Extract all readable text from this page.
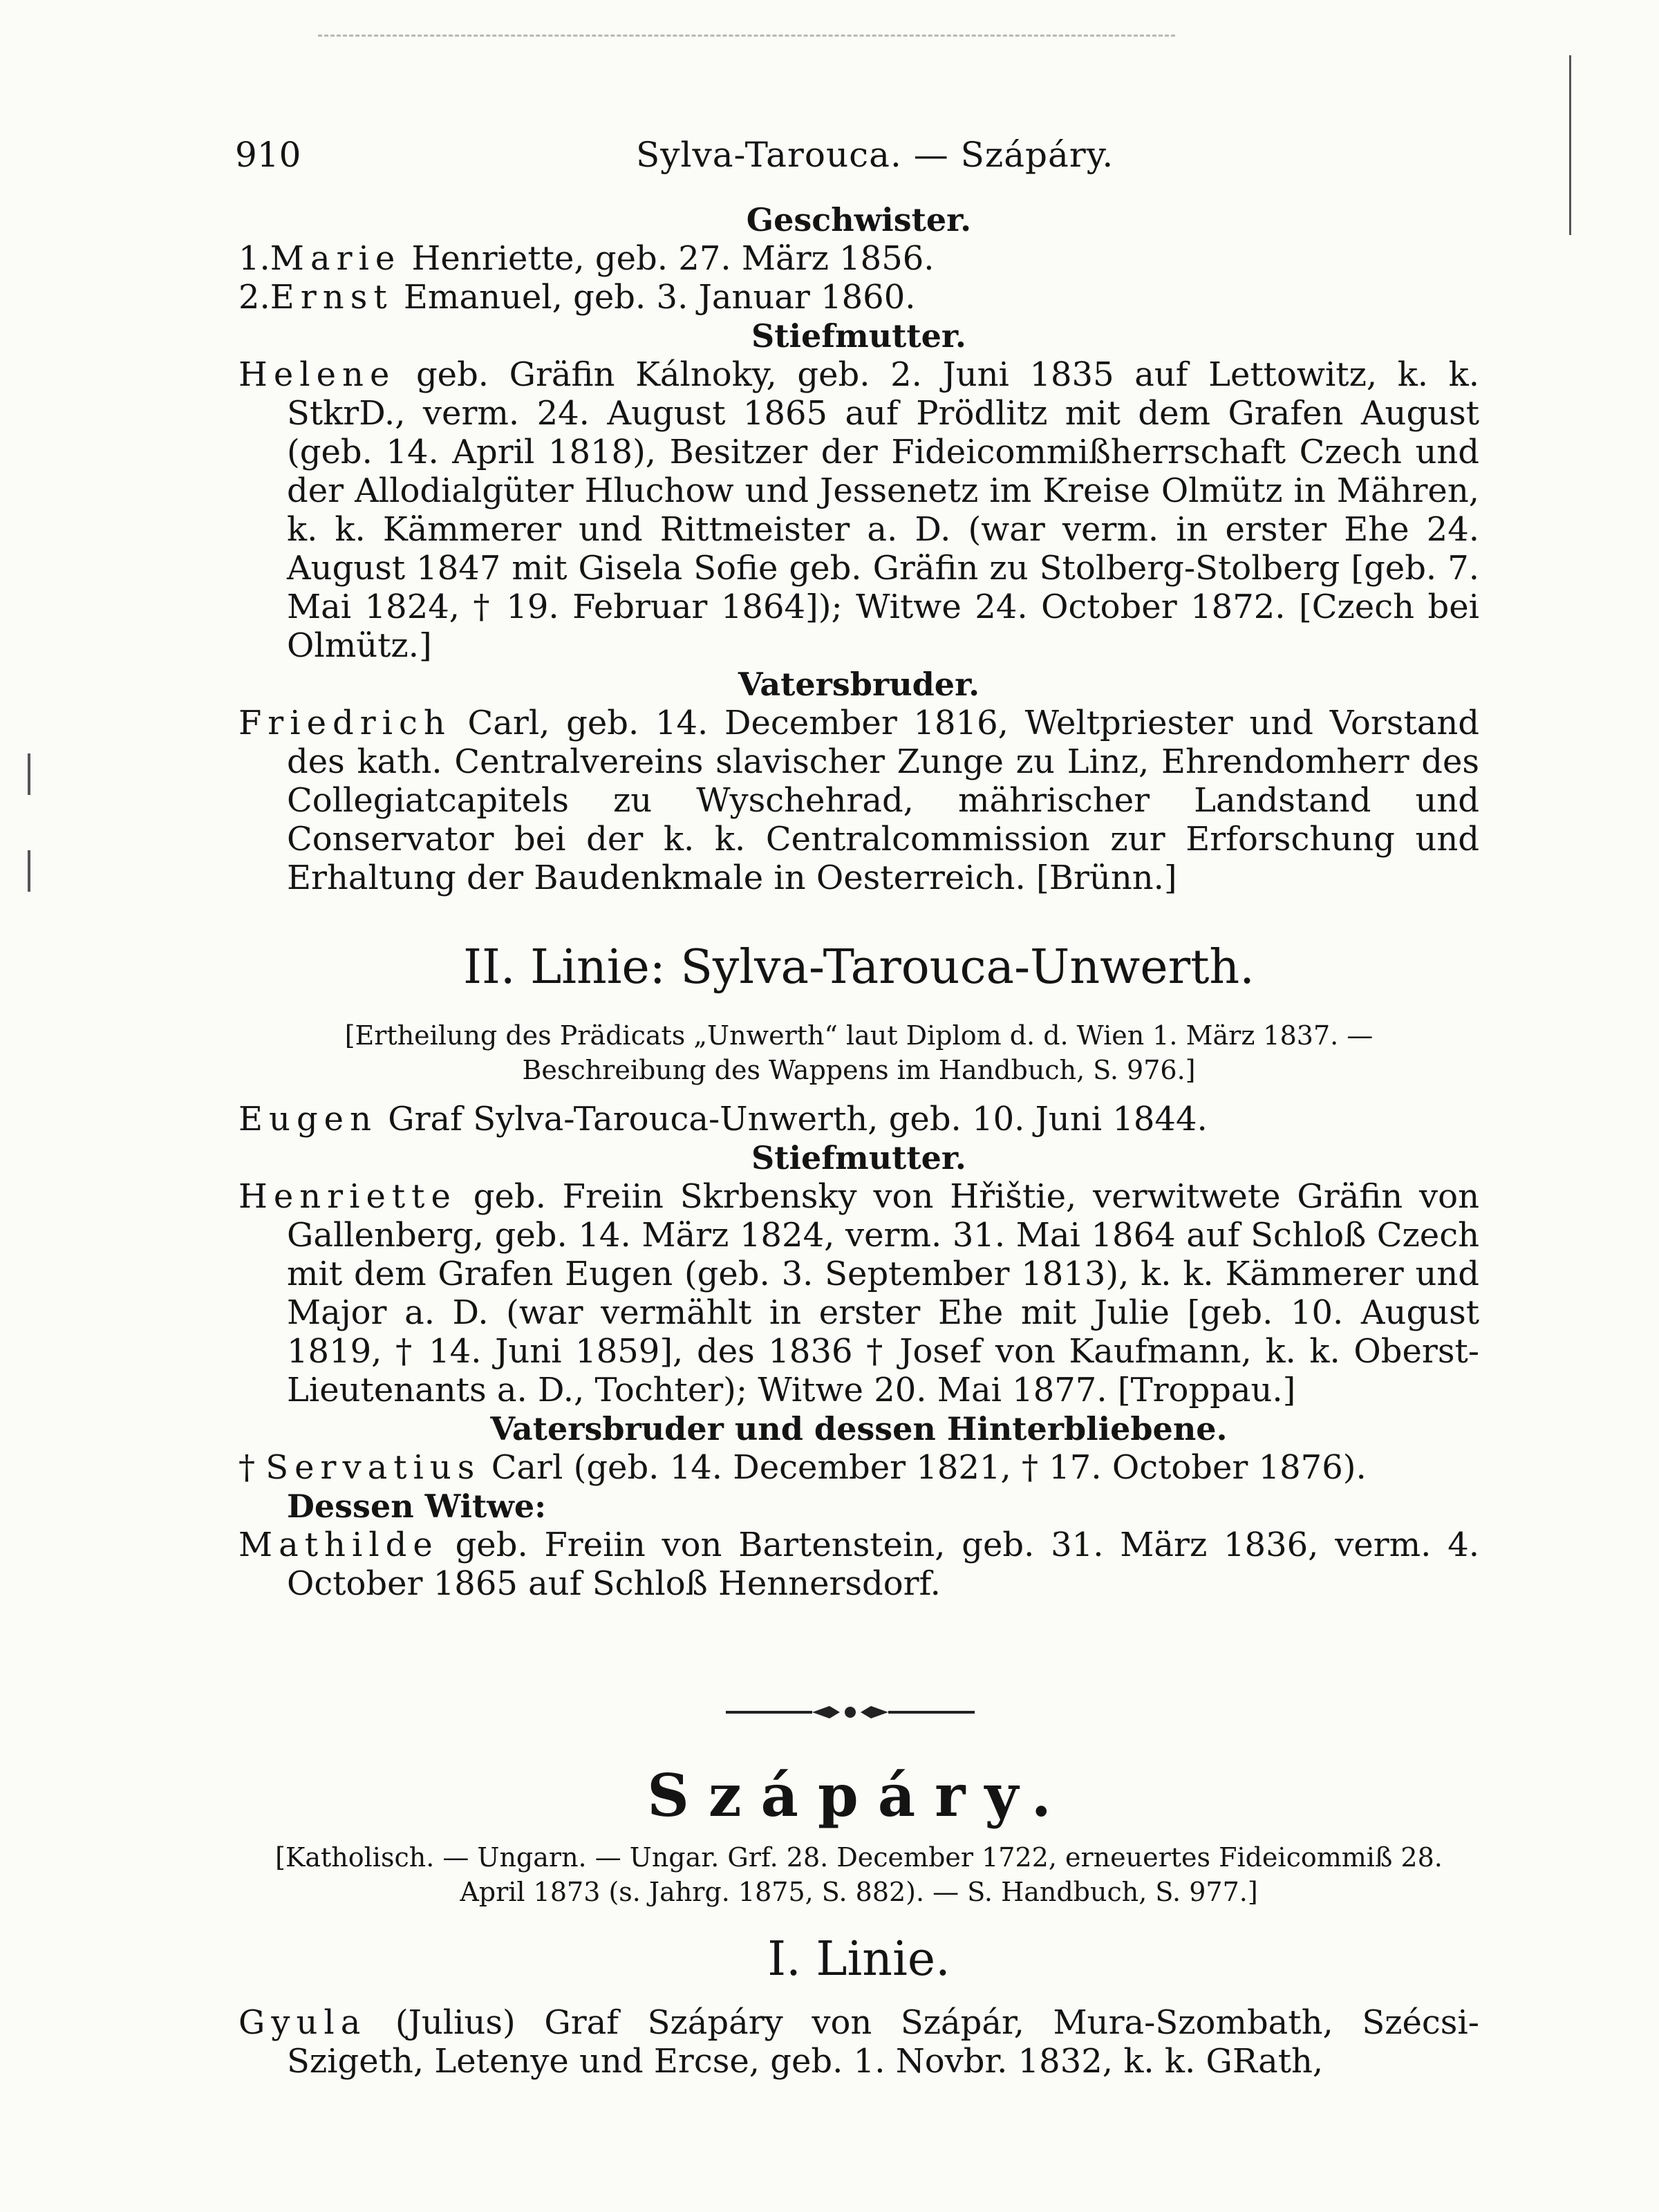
910	Sylva-Tarouca. — Szápáry.
Geschwister.

1.Marie Henriette, geb. 27. März 1856.

2.Ernst Emanuel, geb. 3. Januar 1860.

Stiefmutter.

Helene geb. Gräfin Kálnoky, geb. 2. Juni 1835 auf Lettowitz, k. k. StkrD., verm. 24. August 1865 auf Prödlitz mit dem Grafen August (geb. 14. April 1818), Besitzer der Fideicommißherrschaft Czech und der Allodialgüter Hluchow und Jessenetz im Kreise Olmütz in Mähren, k. k. Kämmerer und Rittmeister a. D. (war verm. in erster Ehe 24. August 1847 mit Gisela Sofie geb. Gräfin zu Stolberg-Stolberg [geb. 7. Mai 1824, † 19. Februar 1864]); Witwe 24. October 1872. [Czech bei Olmütz.]

Vatersbruder.

Friedrich Carl, geb. 14. December 1816, Weltpriester und Vorstand des kath. Centralvereins slavischer Zunge zu Linz, Ehrendomherr des Collegiatcapitels zu Wyschehrad, mährischer Landstand und Conservator bei der k. k. Centralcommission zur Erforschung und Erhaltung der Baudenkmale in Oesterreich. [Brünn.]

II. Linie: Sylva-Tarouca-Unwerth.
[Ertheilung des Prädicats „Unwerth“ laut Diplom d. d. Wien 1. März 1837. — Beschreibung des Wappens im Handbuch, S. 976.]

Eugen Graf Sylva-Tarouca-Unwerth, geb. 10. Juni 1844.

Stiefmutter.

Henriette geb. Freiin Skrbensky von Hřištie, verwitwete Gräfin von Gallenberg, geb. 14. März 1824, verm. 31. Mai 1864 auf Schloß Czech mit dem Grafen Eugen (geb. 3. September 1813), k. k. Kämmerer und Major a. D. (war vermählt in erster Ehe mit Julie [geb. 10. August 1819, † 14. Juni 1859], des 1836 † Josef von Kaufmann, k. k. Oberst-Lieutenants a. D., Tochter); Witwe 20. Mai 1877. [Troppau.]

Vatersbruder und dessen Hinterbliebene.

† Servatius Carl (geb. 14. December 1821, † 17. October 1876).

Dessen Witwe:

Mathilde geb. Freiin von Bartenstein, geb. 31. März 1836, verm. 4. October 1865 auf Schloß Hennersdorf.

Szápáry.
[Katholisch. — Ungarn. — Ungar. Grf. 28. December 1722, erneuertes Fideicommiß 28. April 1873 (s. Jahrg. 1875, S. 882). — S. Handbuch, S. 977.]
I. Linie.

Gyula (Julius) Graf Szápáry von Szápár, Mura-Szombath, Szécsi-Szigeth, Letenye und Ercse, geb. 1. Novbr. 1832, k. k. GRath,
